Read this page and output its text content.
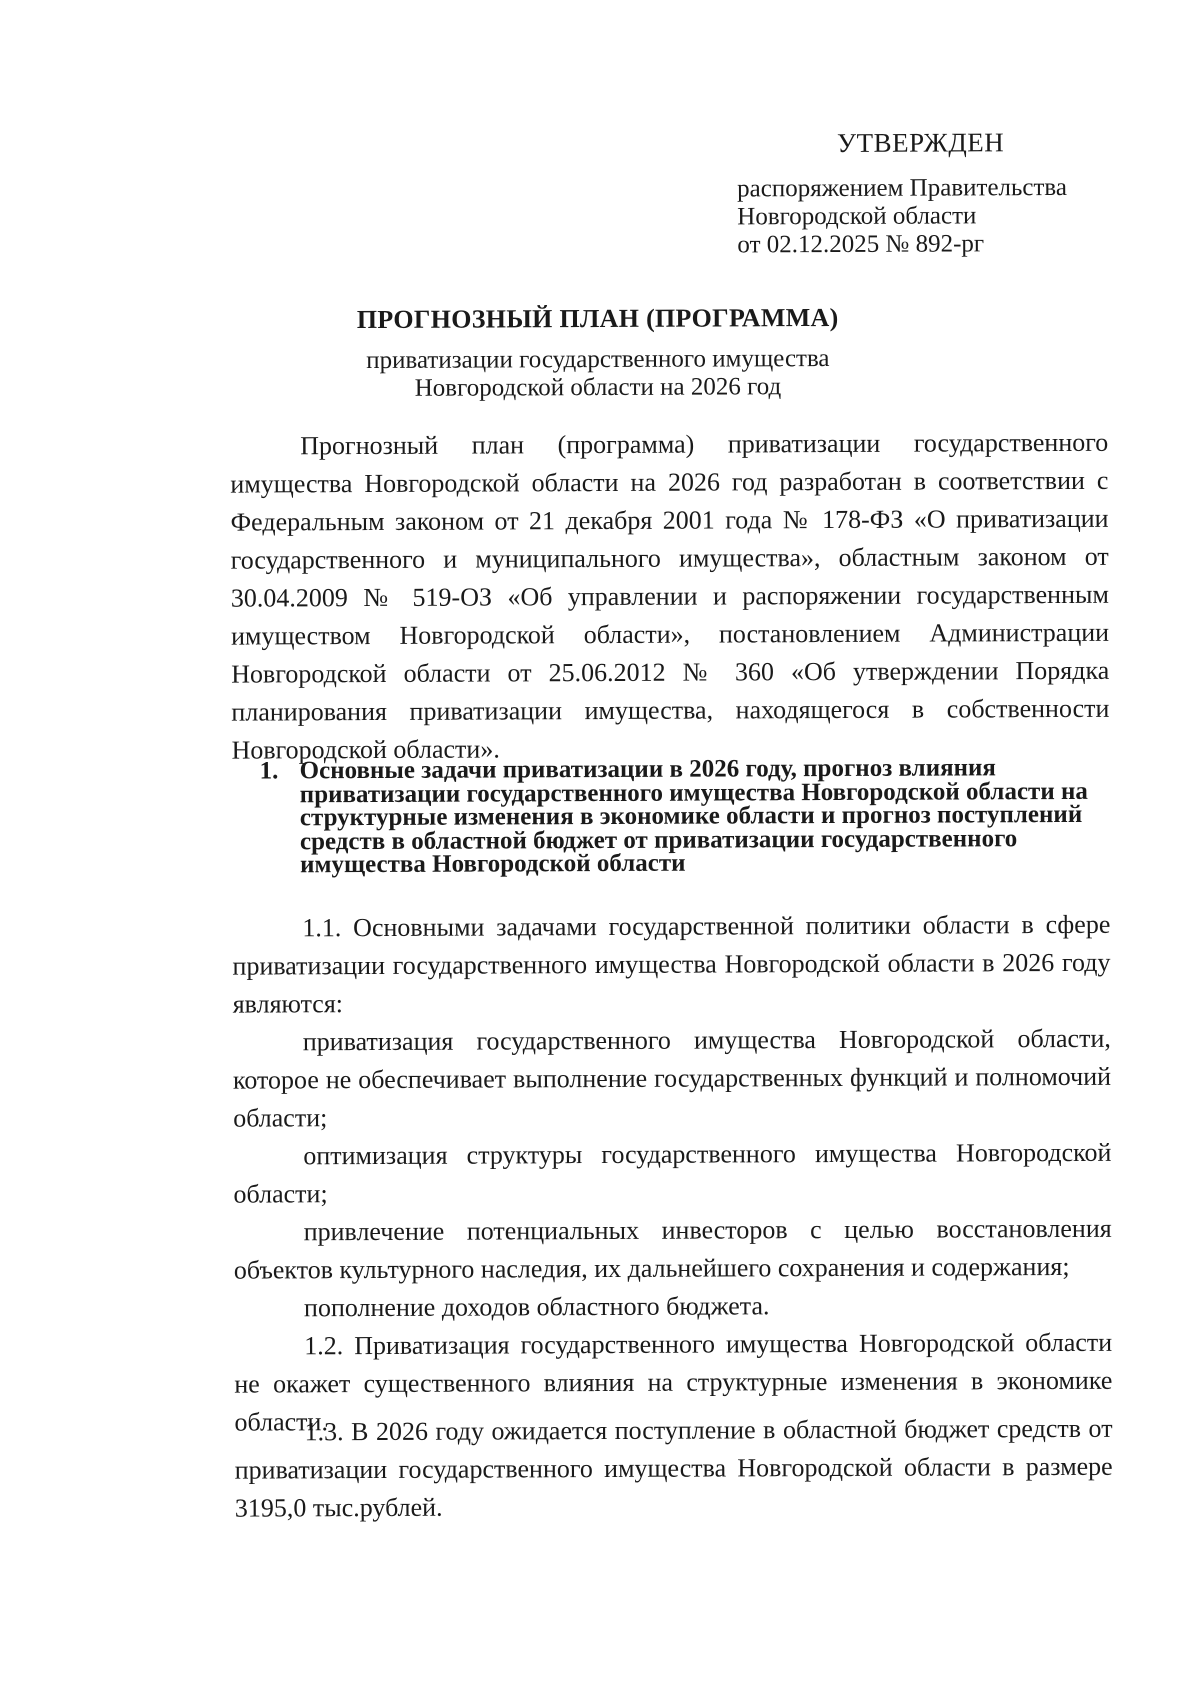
УТВЕРЖДЕН
распоряжением Правительства
Новгородской области
от 02.12.2025 № 892-рг
ПРОГНОЗНЫЙ ПЛАН (ПРОГРАММА)
приватизации государственного имущества
Новгородской области на 2026 год

Прогнозный план (программа) приватизации государственного имущества Новгородской области на 2026 год разработан в соответствии с Федеральным законом от 21 декабря 2001 года № 178-ФЗ «О приватизации государственного и муниципального имущества», областным законом от 30.04.2009 № 519-ОЗ «Об управлении и распоряжении государственным имуществом Новгородской области», постановлением Администрации Новгородской области от 25.06.2012 № 360 «Об утверждении Порядка планирования приватизации имущества, находящегося в собственности Новгородской области».

1. Основные задачи приватизации в 2026 году, прогноз влияния приватизации государственного имущества Новгородской области на структурные изменения в экономике области и прогноз поступлений средств в областной бюджет от приватизации государственного имущества Новгородской области

1.1. Основными задачами государственной политики области в сфере приватизации государственного имущества Новгородской области в 2026 году являются:

приватизация государственного имущества Новгородской области, которое не обеспечивает выполнение государственных функций и полномочий области;

оптимизация структуры государственного имущества Новгородской области;

привлечение потенциальных инвесторов с целью восстановления объектов культурного наследия, их дальнейшего сохранения и содержания;

пополнение доходов областного бюджета.

1.2. Приватизация государственного имущества Новгородской области не окажет существенного влияния на структурные изменения в экономике области.

1.3. В 2026 году ожидается поступление в областной бюджет средств от приватизации государственного имущества Новгородской области в размере 3195,0 тыс.рублей.
